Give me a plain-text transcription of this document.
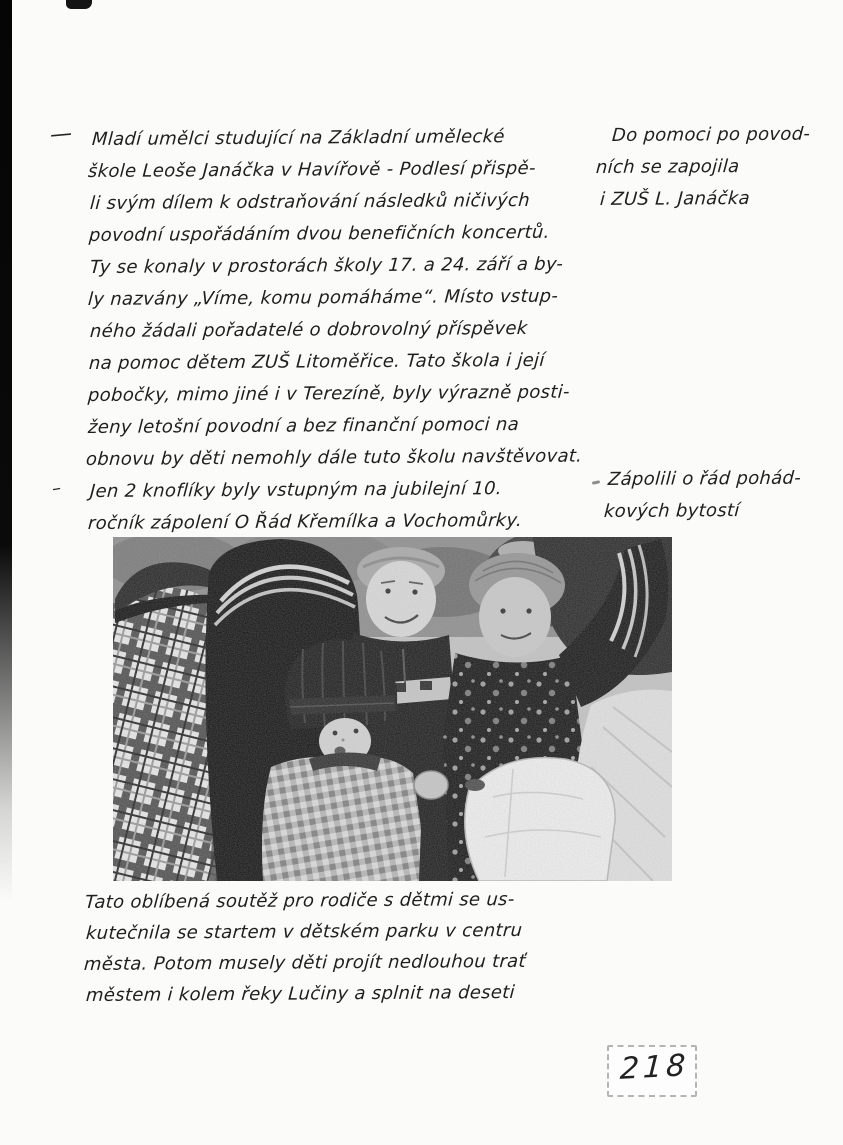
—
–
Mladí umělci studující na Základní umělecké
škole Leoše Janáčka v Havířově - Podlesí přispě-
li svým dílem k odstraňování následků ničivých
povodní uspořádáním dvou benefičních koncertů.
Ty se konaly v prostorách školy 17. a 24. září a by-
ly nazvány „Víme, komu pomáháme“. Místo vstup-
ného žádali pořadatelé o dobrovolný příspěvek
na pomoc dětem ZUŠ Litoměřice. Tato škola i její
pobočky, mimo jiné i v Terezíně, byly výrazně posti-
ženy letošní povodní a bez finanční pomoci na
obnovu by děti nemohly dále tuto školu navštěvovat.
Jen 2 knoflíky byly vstupným na jubilejní 10.
ročník zápolení O Řád Křemílka a Vochomůrky.
Do pomoci po povod-
ních se zapojila
i ZUŠ L. Janáčka
Zápolili o řád pohád-
kových bytostí
Tato oblíbená soutěž pro rodiče s dětmi se us-
kutečnila se startem v dětském parku v centru
města. Potom musely děti projít nedlouhou trať
městem i kolem řeky Lučiny a splnit na deseti
218
